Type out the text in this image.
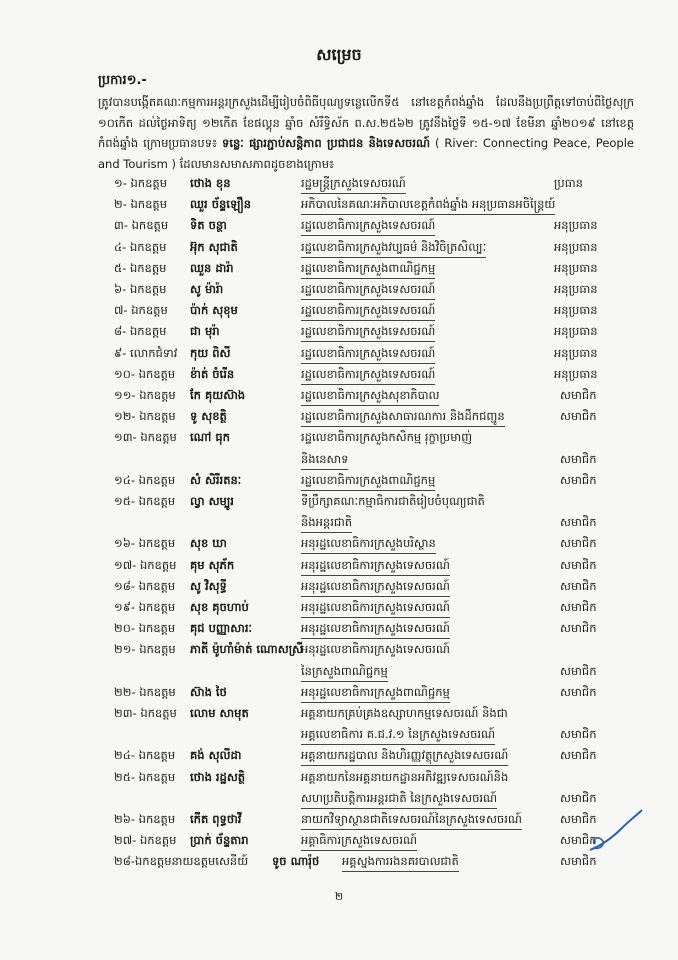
សម្រេច
ប្រការ១.-
ត្រូវបានបង្កើតគណៈកម្មការអន្តរក្រសួងដើម្បីរៀបចំពិធីបុណ្យទន្លេលើកទី៥ នៅខេត្តកំពង់ឆ្នាំង ដែលនឹងប្រព្រឹត្តទៅចាប់ពីថ្ងៃសុក្រ ១០កើត ដល់ថ្ងៃអាទិត្យ ១២កើត ខែផល្គុន ឆ្នាំច សំរឹទ្ធិស័ក ព.ស.២៥៦២ ត្រូវនឹងថ្ងៃទី ១៥-១៧ ខែមីនា ឆ្នាំ២០១៩ នៅខេត្តកំពង់ឆ្នាំង ក្រោមប្រធានបទ៖ ទន្លេៈ ផ្សារភ្ជាប់សន្តិភាព ប្រជាជន និងទេសចរណ៍ ( River: Connecting Peace, People and Tourism ) ដែលមានសមាសភាពដូចខាងក្រោម៖
១- ឯកឧត្តម ថោង ខុន	រដ្ឋមន្ត្រីក្រសួងទេសចរណ៍	ប្រធាន
២- ឯកឧត្តម ឈួរ ច័ន្ទឡឿន	អភិបាលនៃគណៈអភិបាលខេត្តកំពង់ឆ្នាំង អនុប្រធានអចិន្ត្រៃយ៍
៣- ឯកឧត្តម ទិត ចន្ថា	រដ្ឋលេខាធិការក្រសួងទេសចរណ៍	អនុប្រធាន
៤- ឯកឧត្តម អ៊ុក សុជាតិ	រដ្ឋលេខាធិការក្រសួងវប្បធម៌ និងវិចិត្រសិល្បៈ	អនុប្រធាន
៥- ឯកឧត្តម ឈួន ដារ៉ា	រដ្ឋលេខាធិការក្រសួងពាណិជ្ជកម្ម	អនុប្រធាន
៦- ឯកឧត្តម សូ ម៉ារ៉ា	រដ្ឋលេខាធិការក្រសួងទេសចរណ៍	អនុប្រធាន
៧- ឯកឧត្តម ប៉ាក់ សុខុម	រដ្ឋលេខាធិការក្រសួងទេសចរណ៍	អនុប្រធាន
៨- ឯកឧត្តម ជា មុរ៉ា	រដ្ឋលេខាធិការក្រសួងទេសចរណ៍	អនុប្រធាន
៩- លោកជំទាវ កុយ ពិសី	រដ្ឋលេខាធិការក្រសួងទេសចរណ៍	អនុប្រធាន
១០- ឯកឧត្តម ខ៉ាត់ ចំរើន	រដ្ឋលេខាធិការក្រសួងទេសចរណ៍	អនុប្រធាន
១១- ឯកឧត្តម កែ គុយស៊ាង	រដ្ឋលេខាធិការក្រសួងសុខាភិបាល	សមាជិក
១២- ឯកឧត្តម ទូ សុខត្ថិ	រដ្ឋលេខាធិការក្រសួងសាធារណការ និងដឹកជញ្ជូន	សមាជិក
១៣- ឯកឧត្តម ណៅ ធុក	រដ្ឋលេខាធិការក្រសួងកសិកម្ម រុក្ខាប្រមាញ់
និងនេសាទ	សមាជិក
១៤- ឯកឧត្តម សំ សិរីរតនៈ	រដ្ឋលេខាធិការក្រសួងពាណិជ្ជកម្ម	សមាជិក
១៥- ឯកឧត្តម ល្វា សម្បូរ	ទីប្រឹក្សាគណៈកម្មាធិការជាតិរៀបចំបុណ្យជាតិ
និងអន្តរជាតិ	សមាជិក
១៦- ឯកឧត្តម សុខ ឃា	អនុរដ្ឋលេខាធិការក្រសួងបរិស្ថាន	សមាជិក
១៧- ឯកឧត្តម គុម សុភ័ក	អនុរដ្ឋលេខាធិការក្រសួងទេសចរណ៍	សមាជិក
១៨- ឯកឧត្តម សូ វិសុទ្ធី	អនុរដ្ឋលេខាធិការក្រសួងទេសចរណ៍	សមាជិក
១៩- ឯកឧត្តម សុខ គុចហាប់	អនុរដ្ឋលេខាធិការក្រសួងទេសចរណ៍	សមាជិក
២០- ឯកឧត្តម គុជ បញ្ញាសារៈ	អនុរដ្ឋលេខាធិការក្រសួងទេសចរណ៍	សមាជិក
២១- ឯកឧត្តម ភាតី ម៉ូហាំម៉ាត់ ណោសស្រី
អនុរដ្ឋលេខាធិការក្រសួងទេសចរណ៍
នៃក្រសួងពាណិជ្ជកម្ម	សមាជិក
២២- ឯកឧត្តម ស៊ាង ថៃ	អនុរដ្ឋលេខាធិការក្រសួងពាណិជ្ជកម្ម	សមាជិក
២៣- ឯកឧត្តម លោម សាមុត	អគ្គនាយកគ្រប់គ្រងឧស្សាហកម្មទេសចរណ៍ និងជា
អគ្គលេខាធិការ គ.ជ.វ.១ នៃក្រសួងទេសចរណ៍	សមាជិក
២៤- ឯកឧត្តម គង់ សុលីដា	អគ្គនាយករដ្ឋបាល និងហិរញ្ញវត្ថុក្រសួងទេសចរណ៍	សមាជិក
២៥- ឯកឧត្តម ថោង រដ្ឋសត្ថិ	អគ្គនាយកនៃអគ្គនាយកដ្ឋានអភិវឌ្ឍទេសចរណ៍និង
សហប្រតិបត្តិការអន្តរជាតិ នៃក្រសួងទេសចរណ៍	សមាជិក
២៦- ឯកឧត្តម កើត ពុទ្ធថាវី	នាយកវិទ្យាស្ថានជាតិទេសចរណ៍នៃក្រសួងទេសចរណ៍	សមាជិក
២៧- ឯកឧត្តម ប្រាក់ ច័ន្ទតារា	អគ្គាធិការក្រសួងទេសចរណ៍	សមាជិក
២៨-ឯកឧត្តមនាយឧត្តមសេនីយ៍ ទូច ណារ៉ុថ អគ្គស្នងការរងនគរបាលជាតិ	សមាជិក
២
